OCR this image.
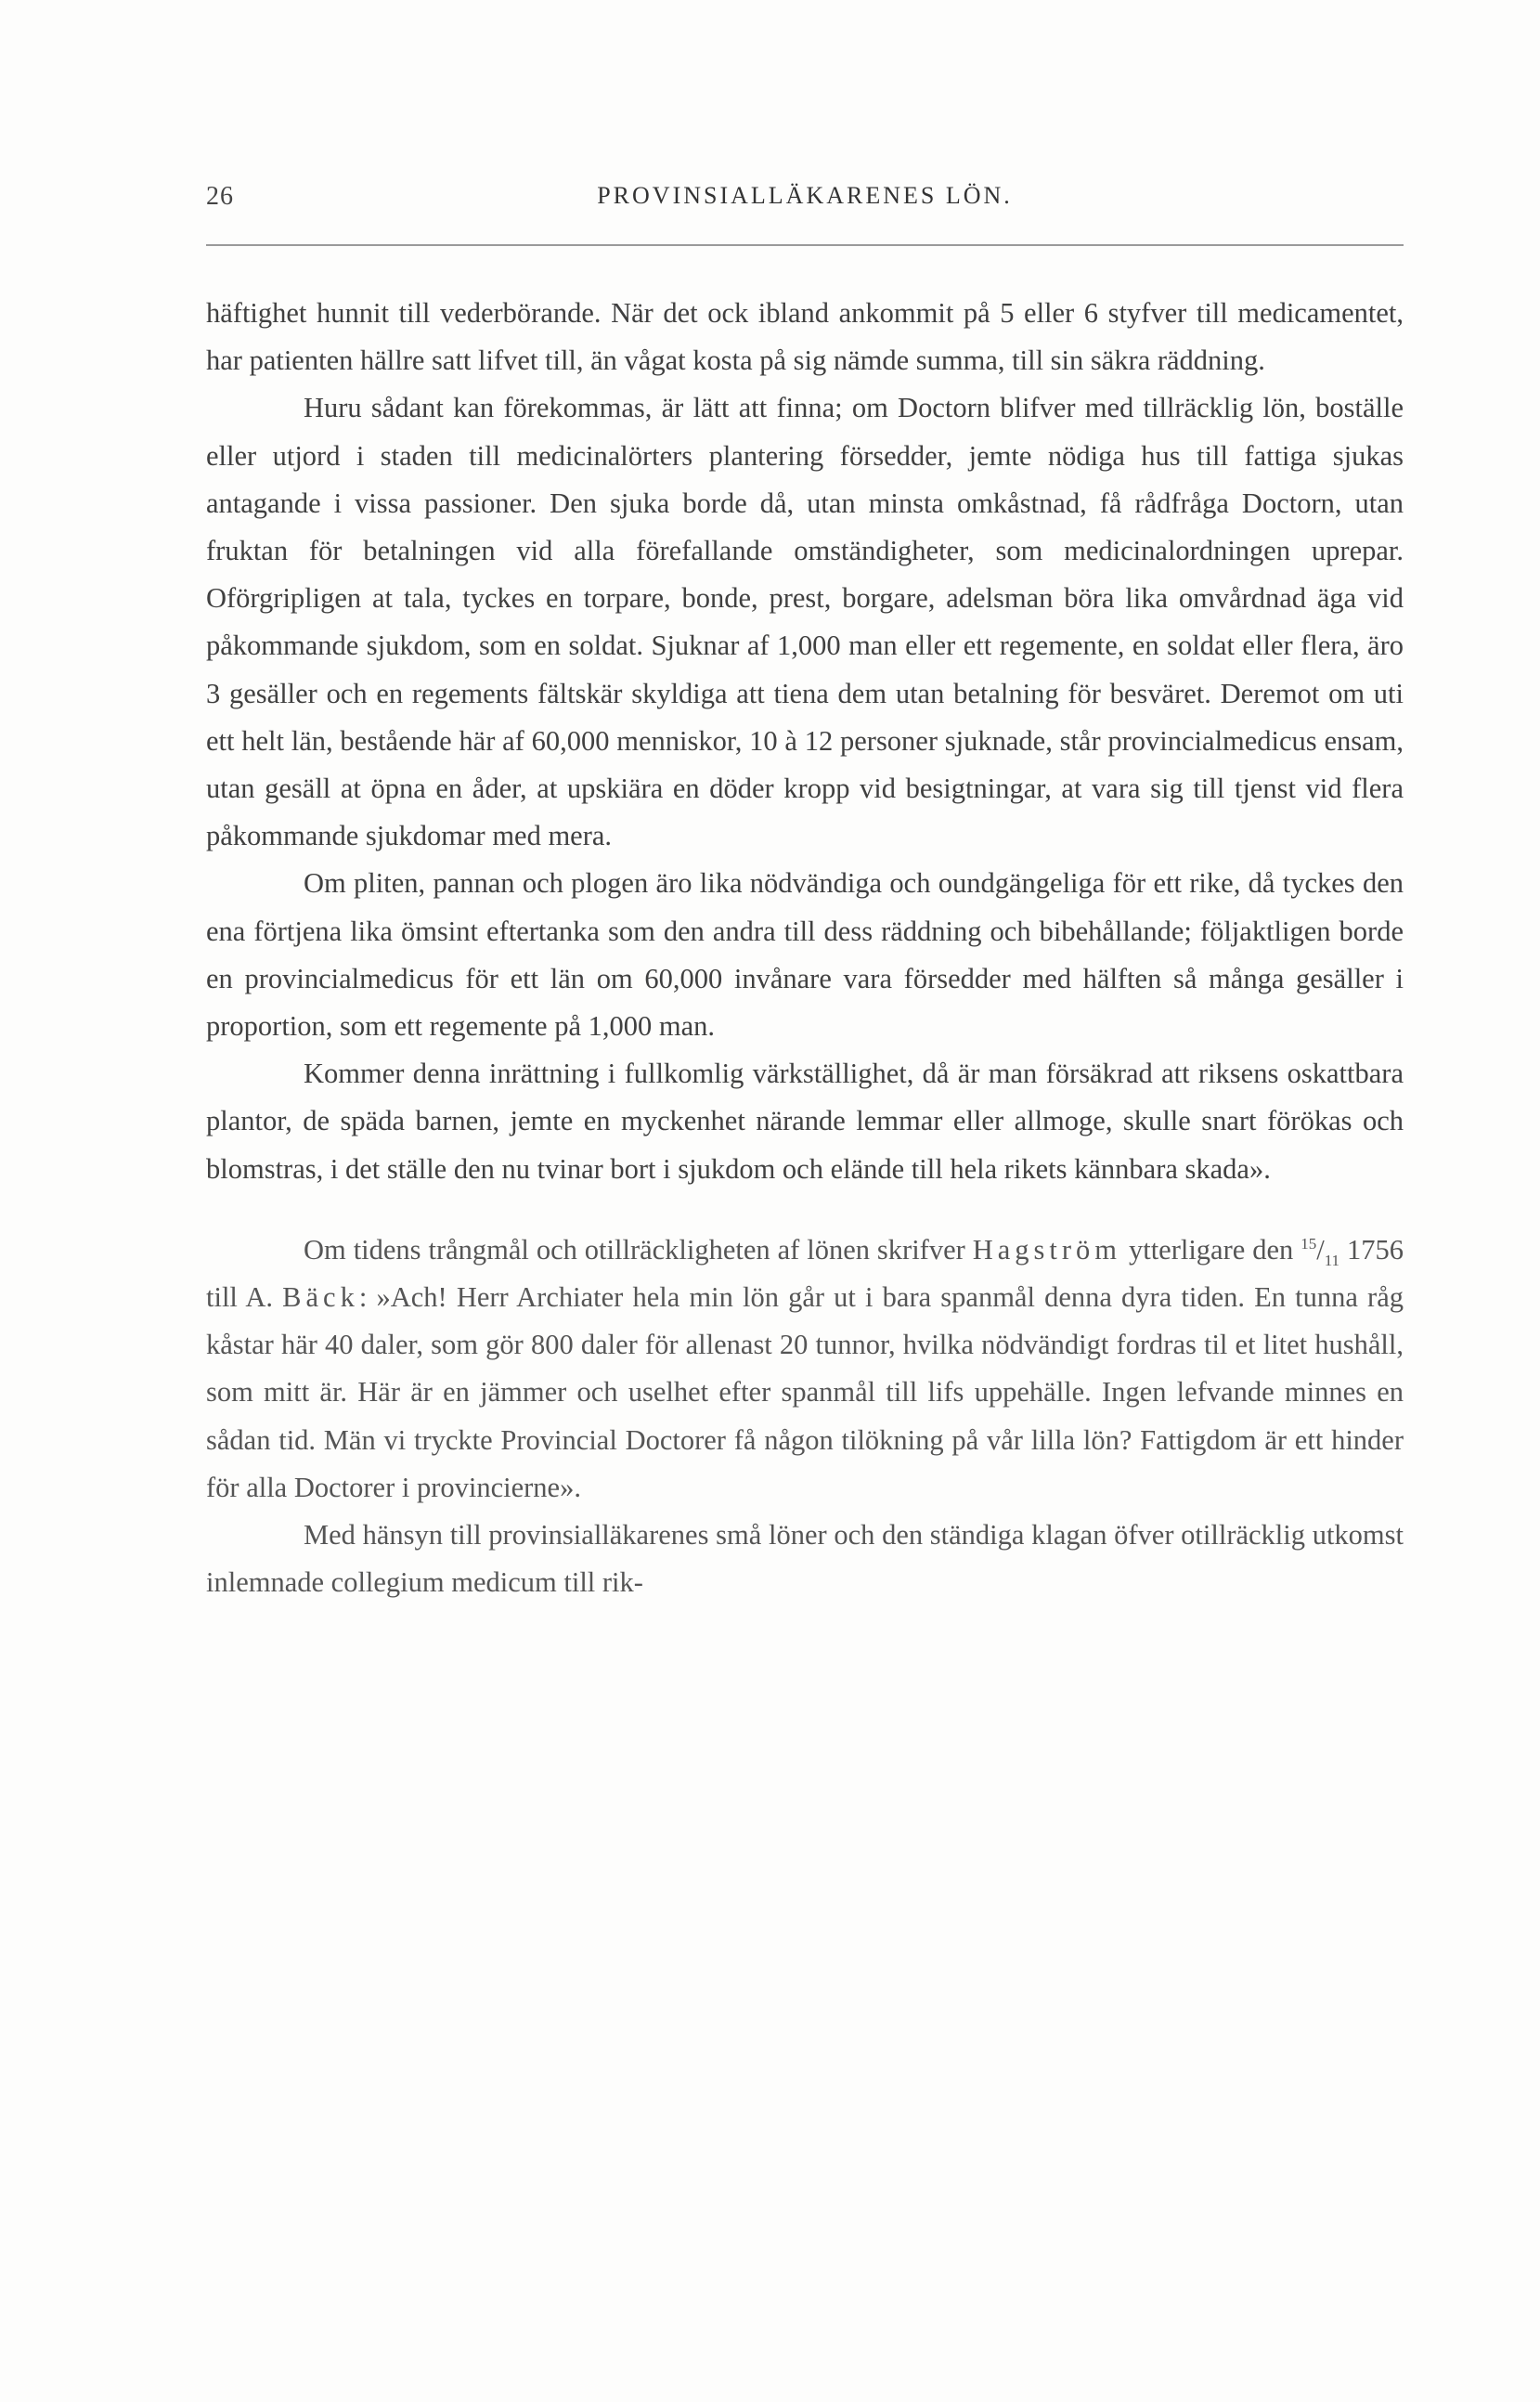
26	PROVINSIALLÄKARENES LÖN.

häftighet hunnit till vederbörande. När det ock ibland ankommit på 5 eller 6 styfver till medicamentet, har patienten hällre satt lifvet till, än vågat kosta på sig nämde summa, till sin säkra räddning.

Huru sådant kan förekommas, är lätt att finna; om Doctorn blifver med tillräcklig lön, boställe eller utjord i staden till medicinalörters plantering försedder, jemte nödiga hus till fattiga sjukas antagande i vissa passioner. Den sjuka borde då, utan minsta omkåstnad, få rådfråga Doctorn, utan fruktan för betalningen vid alla förefallande omständigheter, som medicinalordningen uprepar. Oförgripligen at tala, tyckes en torpare, bonde, prest, borgare, adelsman böra lika omvårdnad äga vid påkommande sjukdom, som en soldat. Sjuknar af 1,000 man eller ett regemente, en soldat eller flera, äro 3 gesäller och en regements fältskär skyldiga att tiena dem utan betalning för besväret. Deremot om uti ett helt län, bestående här af 60,000 menniskor, 10 à 12 personer sjuknade, står provincialmedicus ensam, utan gesäll at öpna en åder, at upskiära en döder kropp vid besigtningar, at vara sig till tjenst vid flera påkommande sjukdomar med mera.

Om pliten, pannan och plogen äro lika nödvändiga och oundgängeliga för ett rike, då tyckes den ena förtjena lika ömsint eftertanka som den andra till dess räddning och bibehållande; följaktligen borde en provincialmedicus för ett län om 60,000 invånare vara försedder med hälften så många gesäller i proportion, som ett regemente på 1,000 man.

Kommer denna inrättning i fullkomlig värkställighet, då är man försäkrad att riksens oskattbara plantor, de späda barnen, jemte en myckenhet närande lemmar eller allmoge, skulle snart förökas och blomstras, i det ställe den nu tvinar bort i sjukdom och elände till hela rikets kännbara skada».

Om tidens trångmål och otillräckligheten af lönen skrifver Hagström ytterligare den $^{15}/_{11}$ 1756 till A. Bäck: »Ach! Herr Archiater hela min lön går ut i bara spanmål denna dyra tiden. En tunna råg kåstar här 40 daler, som gör 800 daler för allenast 20 tunnor, hvilka nödvändigt fordras til et litet hushåll, som mitt är. Här är en jämmer och uselhet efter spanmål till lifs uppehälle. Ingen lefvande minnes en sådan tid. Män vi tryckte Provincial Doctorer få någon tilökning på vår lilla lön? Fattigdom är ett hinder för alla Doctorer i provincierne».

Med hänsyn till provinsialläkarenes små löner och den ständiga klagan öfver otillräcklig utkomst inlemnade collegium medicum till rik-
